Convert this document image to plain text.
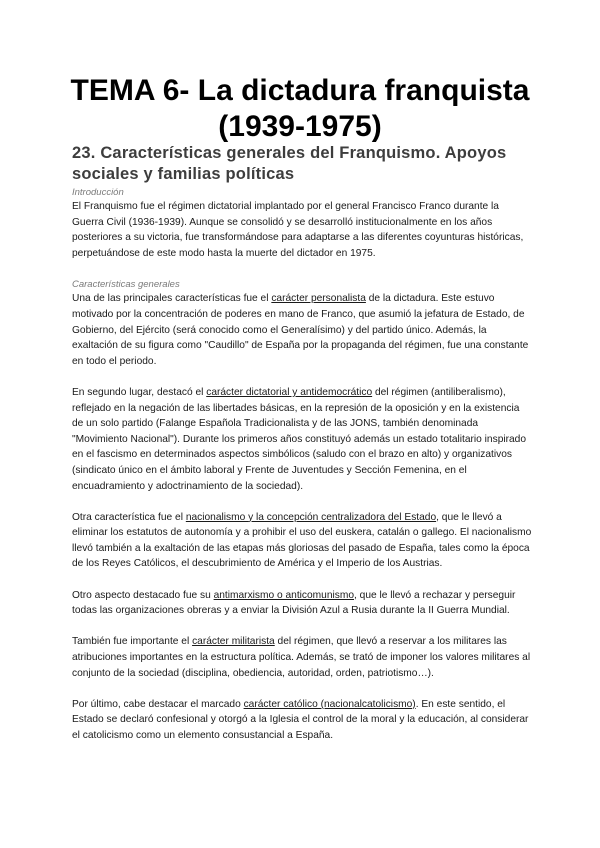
TEMA 6- La dictadura franquista (1939-1975)
23. Características generales del Franquismo. Apoyos sociales y familias políticas

Introducción

El Franquismo fue el régimen dictatorial implantado por el general Francisco Franco durante la Guerra Civil (1936-1939). Aunque se consolidó y se desarrolló institucionalmente en los años posteriores a su victoria, fue transformándose para adaptarse a las diferentes coyunturas históricas, perpetuándose de este modo hasta la muerte del dictador en 1975.

Características generales

Una de las principales características fue el carácter personalista de la dictadura. Este estuvo motivado por la concentración de poderes en mano de Franco, que asumió la jefatura de Estado, de Gobierno, del Ejército (será conocido como el Generalísimo) y del partido único. Además, la exaltación de su figura como "Caudillo" de España por la propaganda del régimen, fue una constante en todo el periodo.

En segundo lugar, destacó el carácter dictatorial y antidemocrático del régimen (antiliberalismo), reflejado en la negación de las libertades básicas, en la represión de la oposición y en la existencia de un solo partido (Falange Española Tradicionalista y de las JONS, también denominada "Movimiento Nacional"). Durante los primeros años constituyó además un estado totalitario inspirado en el fascismo en determinados aspectos simbólicos (saludo con el brazo en alto) y organizativos (sindicato único en el ámbito laboral y Frente de Juventudes y Sección Femenina, en el encuadramiento y adoctrinamiento de la sociedad).

Otra característica fue el nacionalismo y la concepción centralizadora del Estado, que le llevó a eliminar los estatutos de autonomía y a prohibir el uso del euskera, catalán o gallego. El nacionalismo llevó también a la exaltación de las etapas más gloriosas del pasado de España, tales como la época de los Reyes Católicos, el descubrimiento de América y el Imperio de los Austrias.

Otro aspecto destacado fue su antimarxismo o anticomunismo, que le llevó a rechazar y perseguir todas las organizaciones obreras y a enviar la División Azul a Rusia durante la II Guerra Mundial.

También fue importante el carácter militarista del régimen, que llevó a reservar a los militares las atribuciones importantes en la estructura política. Además, se trató de imponer los valores militares al conjunto de la sociedad (disciplina, obediencia, autoridad, orden, patriotismo…).

Por último, cabe destacar el marcado carácter católico (nacionalcatolicismo). En este sentido, el Estado se declaró confesional y otorgó a la Iglesia el control de la moral y la educación, al considerar el catolicismo como un elemento consustancial a España.
